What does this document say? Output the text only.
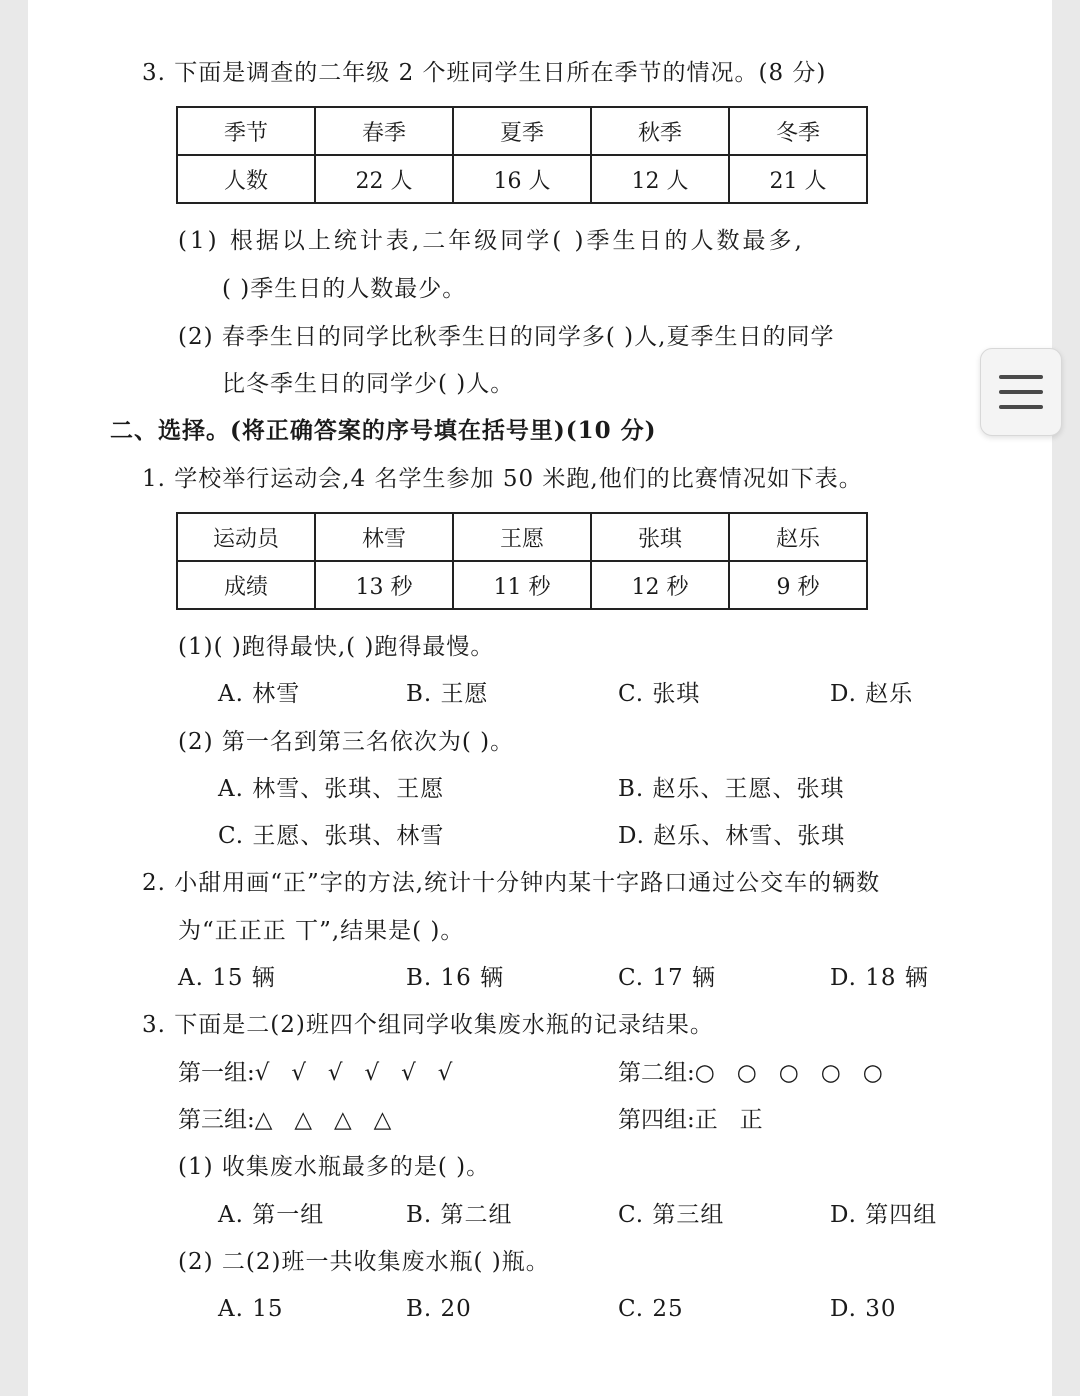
3. 下面是调查的二年级 2 个班同学生日所在季节的情况。(8 分)
季节	春季	夏季	秋季	冬季
人数	22 人	16 人	12 人	21 人
(1) 根据以上统计表,二年级同学( )季生日的人数最多,
( )季生日的人数最少。
(2) 春季生日的同学比秋季生日的同学多( )人,夏季生日的同学
比冬季生日的同学少( )人。
二、选择。(将正确答案的序号填在括号里)(10 分)
1. 学校举行运动会,4 名学生参加 50 米跑,他们的比赛情况如下表。
运动员	林雪	王愿	张琪	赵乐
成绩	13 秒	11 秒	12 秒	9 秒
(1)( )跑得最快,( )跑得最慢。
A. 林雪	B. 王愿	C. 张琪	D. 赵乐
(2) 第一名到第三名依次为( )。
A. 林雪、张琪、王愿	B. 赵乐、王愿、张琪
C. 王愿、张琪、林雪	D. 赵乐、林雪、张琪
2. 小甜用画“正”字的方法,统计十分钟内某十字路口通过公交车的辆数
为“正正正 丅”,结果是( )。
A. 15 辆	B. 16 辆	C. 17 辆	D. 18 辆
3. 下面是二(2)班四个组同学收集废水瓶的记录结果。
第一组:√   √   √   √   √   √	第二组:○   ○   ○   ○   ○
第三组:△   △   △   △	第四组:正   正
(1) 收集废水瓶最多的是( )。
A. 第一组	B. 第二组	C. 第三组	D. 第四组
(2) 二(2)班一共收集废水瓶( )瓶。
A. 15	B. 20	C. 25	D. 30
